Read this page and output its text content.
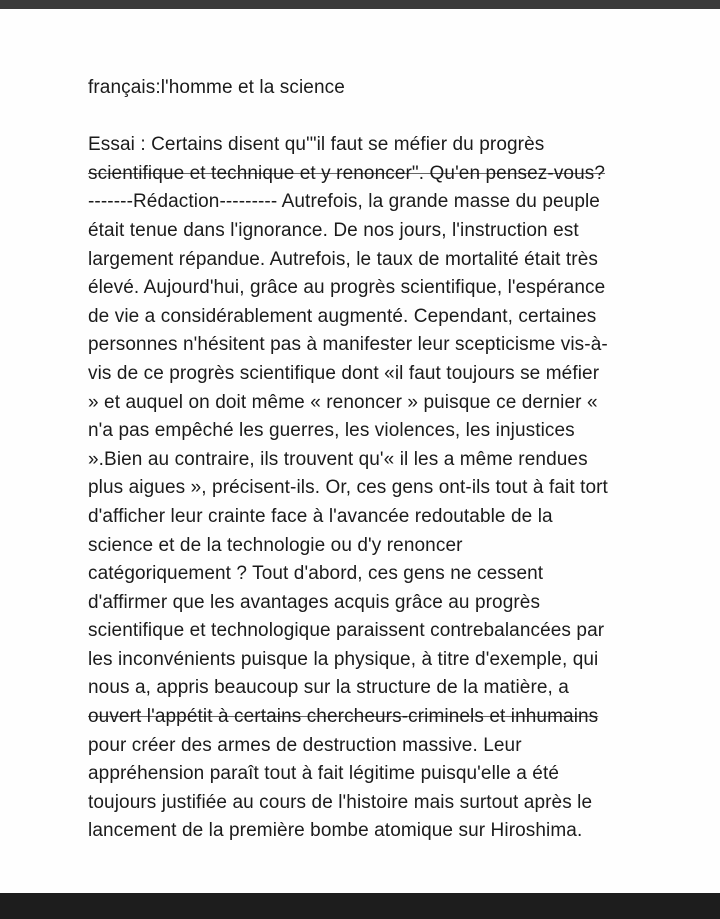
français:l'homme et la science
Essai : Certains disent qu'"il faut se méfier du progrès
scientifique et technique et y renoncer". Qu'en pensez-vous?
-------Rédaction--------- Autrefois, la grande masse du peuple
était tenue dans l'ignorance. De nos jours, l'instruction est
largement répandue. Autrefois, le taux de mortalité était très
élevé. Aujourd'hui, grâce au progrès scientifique, l'espérance
de vie a considérablement augmenté. Cependant, certaines
personnes n'hésitent pas à manifester leur scepticisme vis-à-
vis de ce progrès scientifique dont «il faut toujours se méfier
» et auquel on doit même « renoncer » puisque ce dernier «
n'a pas empêché les guerres, les violences, les injustices
».Bien au contraire, ils trouvent qu'« il les a même rendues
plus aigues », précisent-ils. Or, ces gens ont-ils tout à fait tort
d'afficher leur crainte face à l'avancée redoutable de la
science et de la technologie ou d'y renoncer
catégoriquement ? Tout d'abord, ces gens ne cessent
d'affirmer que les avantages acquis grâce au progrès
scientifique et technologique paraissent contrebalancées par
les inconvénients puisque la physique, à titre d'exemple, qui
nous a, appris beaucoup sur la structure de la matière, a
ouvert l'appétit à certains chercheurs-criminels et inhumains
pour créer des armes de destruction massive. Leur
appréhension paraît tout à fait légitime puisqu'elle a été
toujours justifiée au cours de l'histoire mais surtout après le
lancement de la première bombe atomique sur Hiroshima.
